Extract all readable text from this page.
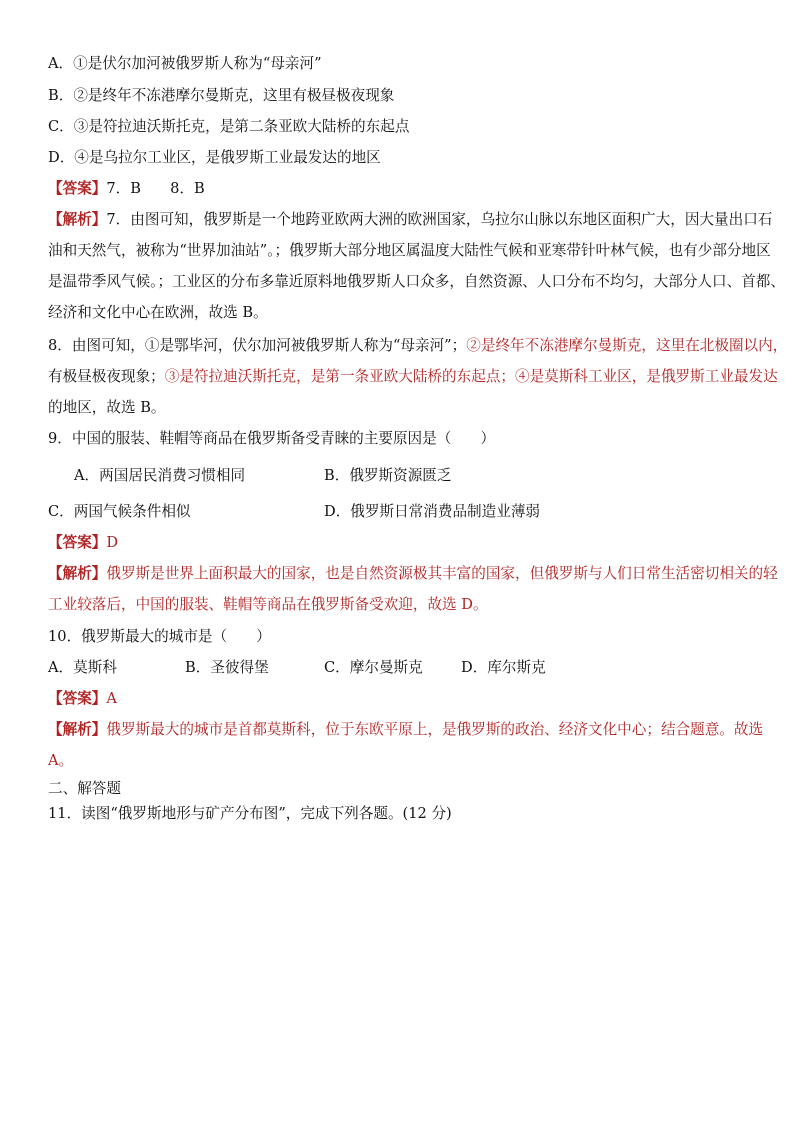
A．①是伏尔加河被俄罗斯人称为“母亲河”
B．②是终年不冻港摩尔曼斯克，这里有极昼极夜现象
C．③是符拉迪沃斯托克，是第二条亚欧大陆桥的东起点
D．④是乌拉尔工业区，是俄罗斯工业最发达的地区
【答案】7．B　　8．B
【解析】7．由图可知，俄罗斯是一个地跨亚欧两大洲的欧洲国家，乌拉尔山脉以东地区面积广大，因大量出口石
油和天然气，被称为“世界加油站”。；俄罗斯大部分地区属温度大陆性气候和亚寒带针叶林气候，也有少部分地区
是温带季风气候。；工业区的分布多靠近原料地俄罗斯人口众多，自然资源、人口分布不均匀，大部分人口、首都、
经济和文化中心在欧洲，故选 B。
8．由图可知，①是鄂毕河，伏尔加河被俄罗斯人称为“母亲河”；②是终年不冻港摩尔曼斯克，这里在北极圈以内，
有极昼极夜现象；③是符拉迪沃斯托克，是第一条亚欧大陆桥的东起点；④是莫斯科工业区，是俄罗斯工业最发达
的地区，故选 B。
9．中国的服装、鞋帽等商品在俄罗斯备受青睐的主要原因是（　　）
A．两国居民消费习惯相同	B．俄罗斯资源匮乏
C．两国气候条件相似	D．俄罗斯日常消费品制造业薄弱
【答案】D
【解析】俄罗斯是世界上面积最大的国家，也是自然资源极其丰富的国家，但俄罗斯与人们日常生活密切相关的轻
工业较落后，中国的服装、鞋帽等商品在俄罗斯备受欢迎，故选 D。
10．俄罗斯最大的城市是（　　）
A．莫斯科	B．圣彼得堡	C．摩尔曼斯克	D．库尔斯克
【答案】A
【解析】俄罗斯最大的城市是首都莫斯科，位于东欧平原上，是俄罗斯的政治、经济文化中心；结合题意。故选
A。
二、解答题
11．读图“俄罗斯地形与矿产分布图”，完成下列各题。(12 分)
